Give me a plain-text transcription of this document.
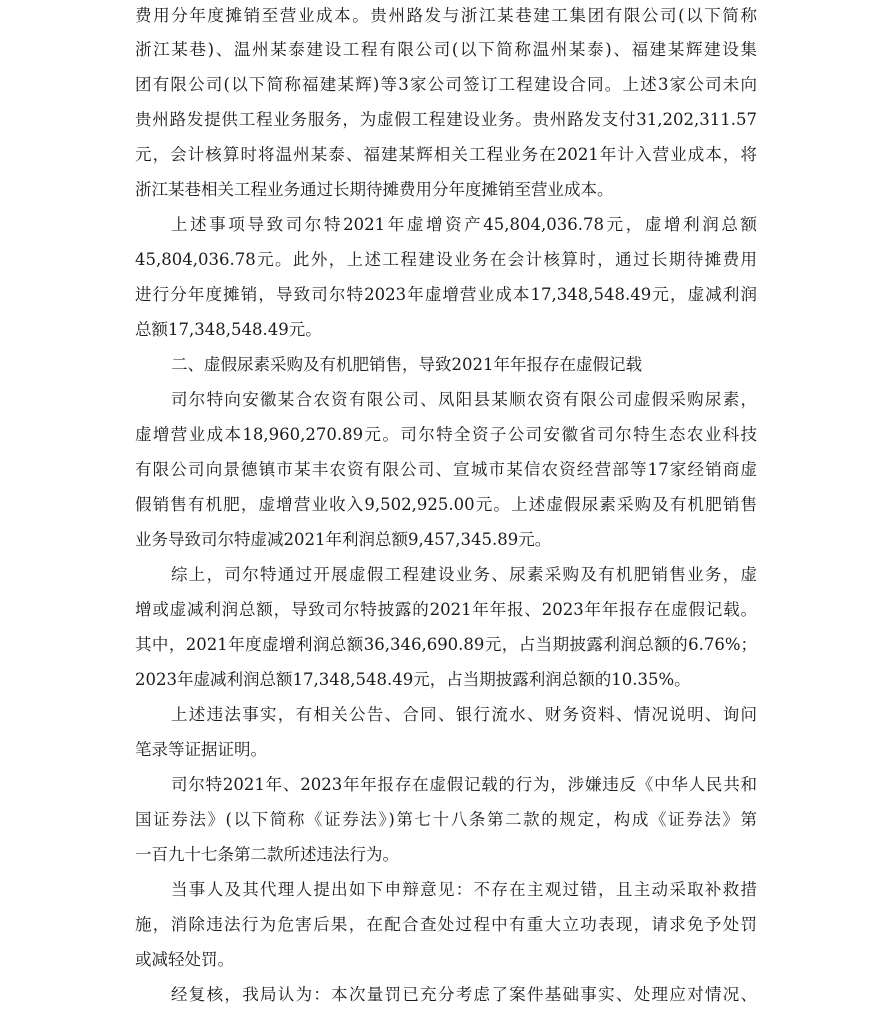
费用分年度摊销至营业成本。贵州路发与浙江某巷建工集团有限公司(以下简称
浙江某巷)、温州某泰建设工程有限公司(以下简称温州某泰)、福建某辉建设集
团有限公司(以下简称福建某辉)等3家公司签订工程建设合同。上述3家公司未向
贵州路发提供工程业务服务，为虚假工程建设业务。贵州路发支付31,202,311.57
元，会计核算时将温州某泰、福建某辉相关工程业务在2021年计入营业成本，将
浙江某巷相关工程业务通过长期待摊费用分年度摊销至营业成本。
上述事项导致司尔特2021年虚增资产45,804,036.78元，虚增利润总额
45,804,036.78元。此外，上述工程建设业务在会计核算时，通过长期待摊费用
进行分年度摊销，导致司尔特2023年虚增营业成本17,348,548.49元，虚减利润
总额17,348,548.49元。
二、虚假尿素采购及有机肥销售，导致2021年年报存在虚假记载
司尔特向安徽某合农资有限公司、凤阳县某顺农资有限公司虚假采购尿素，
虚增营业成本18,960,270.89元。司尔特全资子公司安徽省司尔特生态农业科技
有限公司向景德镇市某丰农资有限公司、宣城市某信农资经营部等17家经销商虚
假销售有机肥，虚增营业收入9,502,925.00元。上述虚假尿素采购及有机肥销售
业务导致司尔特虚减2021年利润总额9,457,345.89元。
综上，司尔特通过开展虚假工程建设业务、尿素采购及有机肥销售业务，虚
增或虚减利润总额，导致司尔特披露的2021年年报、2023年年报存在虚假记载。
其中，2021年度虚增利润总额36,346,690.89元，占当期披露利润总额的6.76%；
2023年虚减利润总额17,348,548.49元，占当期披露利润总额的10.35%。
上述违法事实，有相关公告、合同、银行流水、财务资料、情况说明、询问
笔录等证据证明。
司尔特2021年、2023年年报存在虚假记载的行为，涉嫌违反《中华人民共和
国证券法》(以下简称《证券法》)第七十八条第二款的规定，构成《证券法》第
一百九十七条第二款所述违法行为。
当事人及其代理人提出如下申辩意见：不存在主观过错，且主动采取补救措
施，消除违法行为危害后果，在配合查处过程中有重大立功表现，请求免予处罚
或减轻处罚。
经复核，我局认为：本次量罚已充分考虑了案件基础事实、处理应对情况、
